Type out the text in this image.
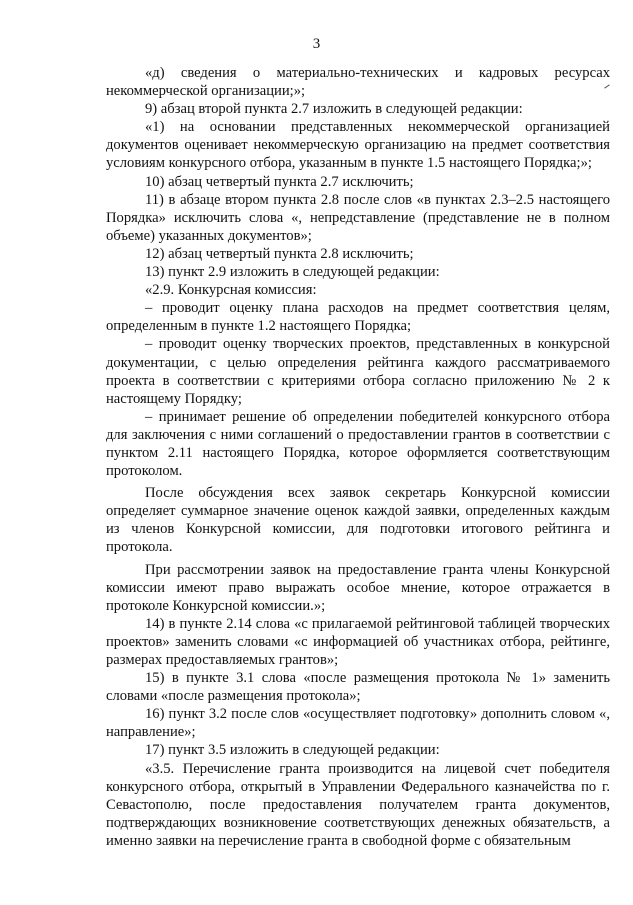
3

«д) сведения о материально-технических и кадровых ресурсах некоммерческой организации;»;

9) абзац второй пункта 2.7 изложить в следующей редакции:

«1) на основании представленных некоммерческой организацией документов оценивает некоммерческую организацию на предмет соответствия условиям конкурсного отбора, указанным в пункте 1.5 настоящего Порядка;»;

10) абзац четвертый пункта 2.7 исключить;

11) в абзаце втором пункта 2.8 после слов «в пунктах 2.3–2.5 настоящего Порядка» исключить слова «, непредставление (представление не в полном объеме) указанных документов»;

12) абзац четвертый пункта 2.8 исключить;

13) пункт 2.9 изложить в следующей редакции:

«2.9. Конкурсная комиссия:

– проводит оценку плана расходов на предмет соответствия целям, определенным в пункте 1.2 настоящего Порядка;

– проводит оценку творческих проектов, представленных в конкурсной документации, с целью определения рейтинга каждого рассматриваемого проекта в соответствии с критериями отбора согласно приложению № 2 к настоящему Порядку;

– принимает решение об определении победителей конкурсного отбора для заключения с ними соглашений о предоставлении грантов в соответствии с пунктом 2.11 настоящего Порядка, которое оформляется соответствующим протоколом.

После обсуждения всех заявок секретарь Конкурсной комиссии определяет суммарное значение оценок каждой заявки, определенных каждым из членов Конкурсной комиссии, для подготовки итогового рейтинга и протокола.

При рассмотрении заявок на предоставление гранта члены Конкурсной комиссии имеют право выражать особое мнение, которое отражается в протоколе Конкурсной комиссии.»;

14) в пункте 2.14 слова «с прилагаемой рейтинговой таблицей творческих проектов» заменить словами «с информацией об участниках отбора, рейтинге, размерах предоставляемых грантов»;

15) в пункте 3.1 слова «после размещения протокола № 1» заменить словами «после размещения протокола»;

16) пункт 3.2 после слов «осуществляет подготовку» дополнить словом «, направление»;

17) пункт 3.5 изложить в следующей редакции:

«3.5. Перечисление гранта производится на лицевой счет победителя конкурсного отбора, открытый в Управлении Федерального казначейства по г. Севастополю, после предоставления получателем гранта документов, подтверждающих возникновение соответствующих денежных обязательств, а именно заявки на перечисление гранта в свободной форме с обязательным
